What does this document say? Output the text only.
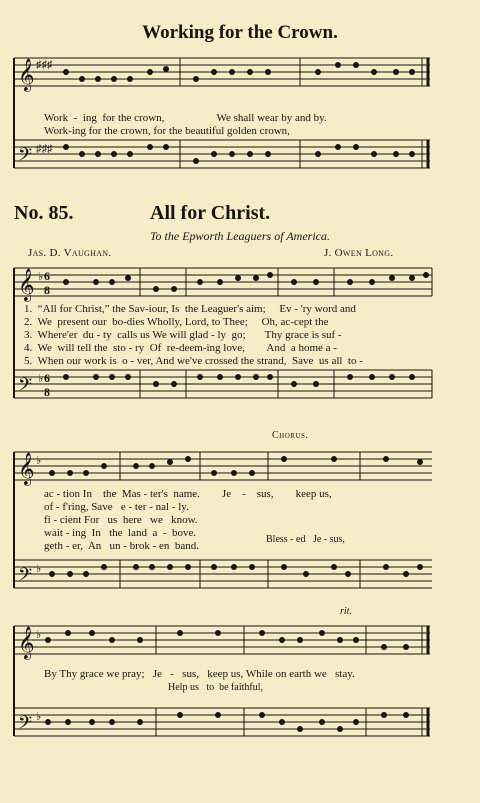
Working for the Crown.
No. 85.	All for Christ.
To the Epworth Leaguers of America.
Jas. D. Vaughan.	J. Owen Long.
𝄞
𝄢
♯♯♯
♯♯♯
𝄞
𝄢
♭
♭
6
8
6
8
𝄞
𝄢
♭
♭
𝄞
𝄢
♭
♭
Work  -  ing  for the crown,                   We shall wear by and by.
Work-ing for the crown, for the beautiful golden crown,
1.  “All for Christ,” the Sav-iour, Is  the Leaguer's aim;     Ev - 'ry word and
2.  We  present our  bo-dies Wholly, Lord, to Thee;     Oh, ac-cept the
3.  Where'er  du - ty  calls us We will glad - ly  go;       Thy grace is suf -
4.  We  will tell the  sto - ry  Of  re-deem-ing love,        And  a home a -
5.  When our work is  o - ver, And we've crossed the strand,  Save  us all  to -
Chorus.
ac - tion In    the  Mas - ter's  name.        Je    -    sus,        keep us,
of - f'ring, Save   e - ter - nal - ly.
fi - cient For   us  here   we   know.
wait - ing  In   the  land  a  -  bove.
geth - er,  An   un - brok - en  band.
Bless - ed   Je - sus,
rit.
By Thy grace we pray;   Je   -   sus,   keep us, While on earth we   stay.
Help us   to  be faithful,
